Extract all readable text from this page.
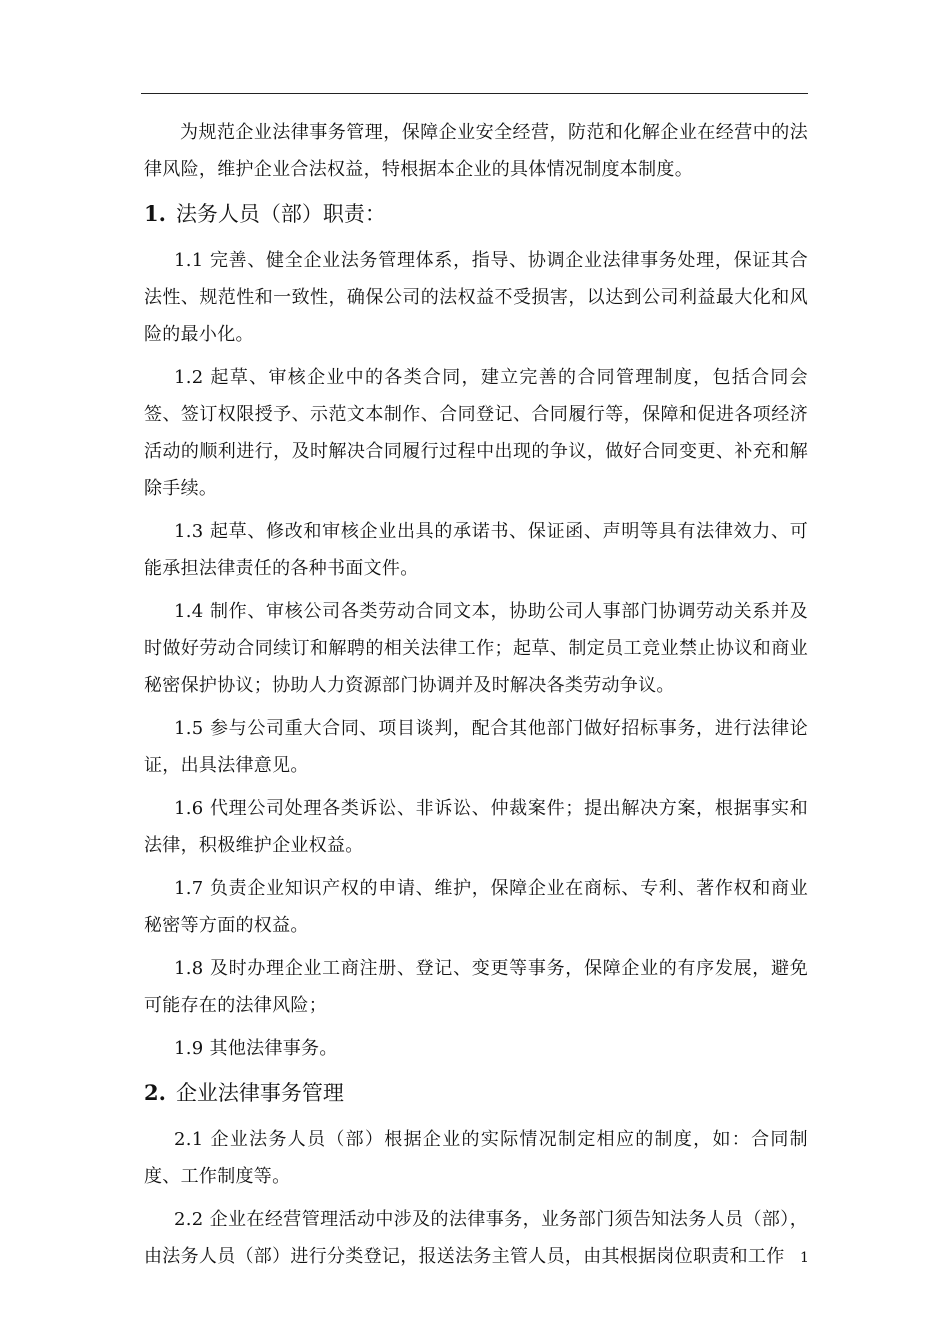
为规范企业法律事务管理，保障企业安全经营，防范和化解企业在经营中的法律风险，维护企业合法权益，特根据本企业的具体情况制度本制度。

1. 法务人员（部）职责：

1.1 完善、健全企业法务管理体系，指导、协调企业法律事务处理，保证其合法性、规范性和一致性，确保公司的法权益不受损害，以达到公司利益最大化和风险的最小化。

1.2 起草、审核企业中的各类合同，建立完善的合同管理制度，包括合同会签、签订权限授予、示范文本制作、合同登记、合同履行等，保障和促进各项经济活动的顺利进行，及时解决合同履行过程中出现的争议，做好合同变更、补充和解除手续。

1.3 起草、修改和审核企业出具的承诺书、保证函、声明等具有法律效力、可能承担法律责任的各种书面文件。

1.4 制作、审核公司各类劳动合同文本，协助公司人事部门协调劳动关系并及时做好劳动合同续订和解聘的相关法律工作；起草、制定员工竞业禁止协议和商业秘密保护协议；协助人力资源部门协调并及时解决各类劳动争议。

1.5 参与公司重大合同、项目谈判，配合其他部门做好招标事务，进行法律论证，出具法律意见。

1.6 代理公司处理各类诉讼、非诉讼、仲裁案件；提出解决方案，根据事实和法律，积极维护企业权益。

1.7 负责企业知识产权的申请、维护，保障企业在商标、专利、著作权和商业秘密等方面的权益。

1.8 及时办理企业工商注册、登记、变更等事务，保障企业的有序发展，避免可能存在的法律风险；

1.9 其他法律事务。

2. 企业法律事务管理

2.1 企业法务人员（部）根据企业的实际情况制定相应的制度，如：合同制度、工作制度等。

2.2 企业在经营管理活动中涉及的法律事务，业务部门须告知法务人员（部），由法务人员（部）进行分类登记，报送法务主管人员，由其根据岗位职责和工作	1
